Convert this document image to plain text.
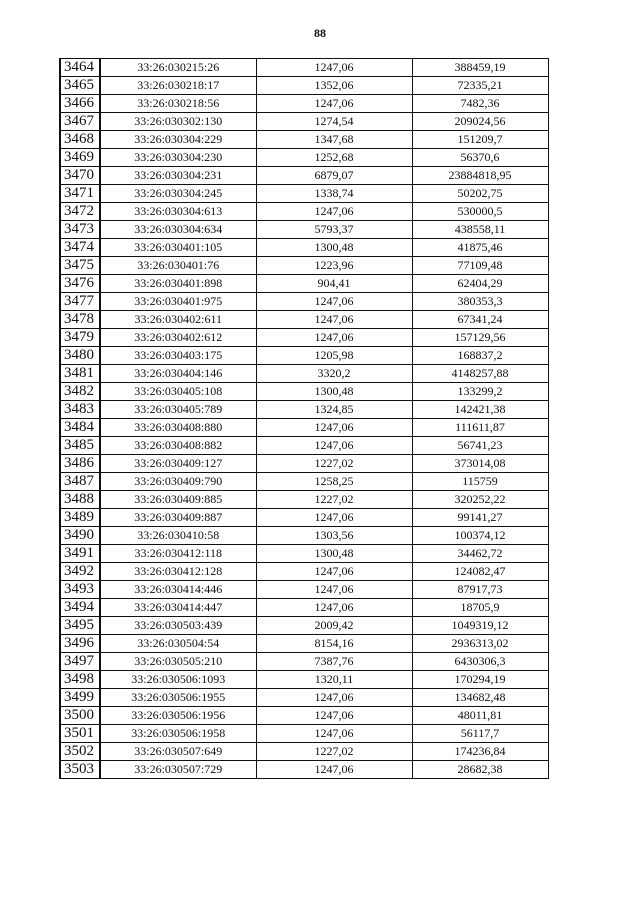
88
3464	33:26:030215:26	1247,06	388459,19
3465	33:26:030218:17	1352,06	72335,21
3466	33:26:030218:56	1247,06	7482,36
3467	33:26:030302:130	1274,54	209024,56
3468	33:26:030304:229	1347,68	151209,7
3469	33:26:030304:230	1252,68	56370,6
3470	33:26:030304:231	6879,07	23884818,95
3471	33:26:030304:245	1338,74	50202,75
3472	33:26:030304:613	1247,06	530000,5
3473	33:26:030304:634	5793,37	438558,11
3474	33:26:030401:105	1300,48	41875,46
3475	33:26:030401:76	1223,96	77109,48
3476	33:26:030401:898	904,41	62404,29
3477	33:26:030401:975	1247,06	380353,3
3478	33:26:030402:611	1247,06	67341,24
3479	33:26:030402:612	1247,06	157129,56
3480	33:26:030403:175	1205,98	168837,2
3481	33:26:030404:146	3320,2	4148257,88
3482	33:26:030405:108	1300,48	133299,2
3483	33:26:030405:789	1324,85	142421,38
3484	33:26:030408:880	1247,06	111611,87
3485	33:26:030408:882	1247,06	56741,23
3486	33:26:030409:127	1227,02	373014,08
3487	33:26:030409:790	1258,25	115759
3488	33:26:030409:885	1227,02	320252,22
3489	33:26:030409:887	1247,06	99141,27
3490	33:26:030410:58	1303,56	100374,12
3491	33:26:030412:118	1300,48	34462,72
3492	33:26:030412:128	1247,06	124082,47
3493	33:26:030414:446	1247,06	87917,73
3494	33:26:030414:447	1247,06	18705,9
3495	33:26:030503:439	2009,42	1049319,12
3496	33:26:030504:54	8154,16	2936313,02
3497	33:26:030505:210	7387,76	6430306,3
3498	33:26:030506:1093	1320,11	170294,19
3499	33:26:030506:1955	1247,06	134682,48
3500	33:26:030506:1956	1247,06	48011,81
3501	33:26:030506:1958	1247,06	56117,7
3502	33:26:030507:649	1227,02	174236,84
3503	33:26:030507:729	1247,06	28682,38
